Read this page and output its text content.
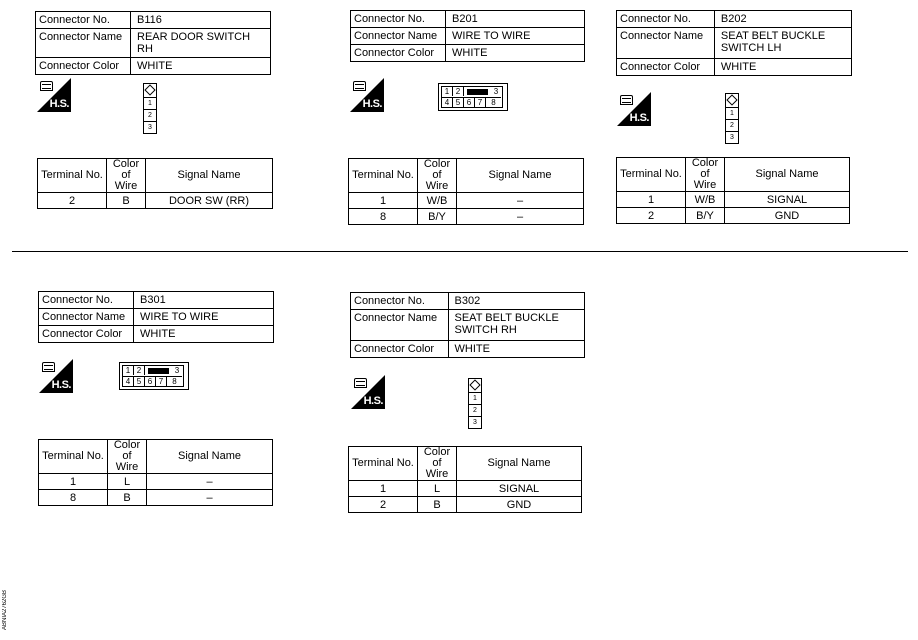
Connector No.	B116
Connector Name	REAR DOOR SWITCH RH
Connector Color	WHITE
H.S.	1
2
3
Terminal No.	Color of Wire	Signal Name
2	B	DOOR SW (RR)
Connector No.	B201
Connector Name	WIRE TO WIRE
Connector Color	WHITE
H.S.
1 2	3
4 5 6 7	8
Terminal No.	Color of Wire	Signal Name
1	W/B	–
8	B/Y	–
Connector No.	B202
Connector Name	SEAT BELT BUCKLE SWITCH LH
Connector Color	WHITE
H.S.	1
2
3
Terminal No.	Color of Wire	Signal Name
1	W/B	SIGNAL
2	B/Y	GND
Connector No.	B301
Connector Name	WIRE TO WIRE
Connector Color	WHITE
H.S.
1 2	3
4 5 6 7	8
Terminal No.	Color of Wire	Signal Name
1	L	–
8	B	–
Connector No.	B302
Connector Name	SEAT BELT BUCKLE SWITCH RH
Connector Color	WHITE
H.S.	1
2
3
Terminal No.	Color of Wire	Signal Name
1	L	SIGNAL
2	B	GND
ABNIA2762GB
